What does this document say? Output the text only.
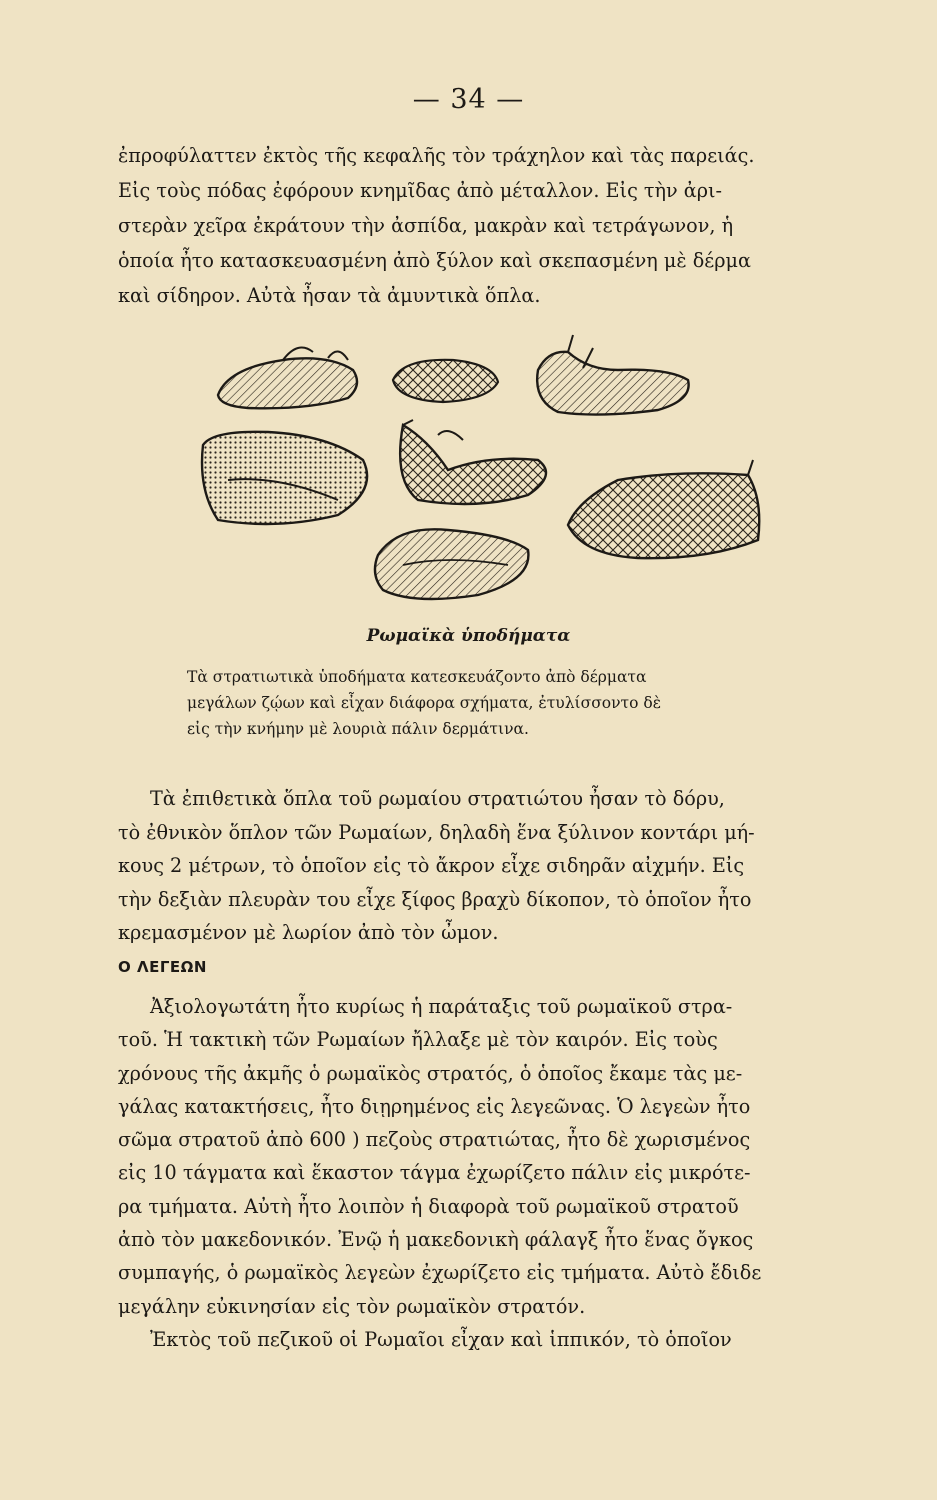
— 34 —
ἐπροφύλαττεν ἐκτὸς τῆς κεφαλῆς τὸν τράχηλον καὶ τὰς παρειάς.
Εἰς τοὺς πόδας ἐφόρουν κνημῖδας ἀπὸ μέταλλον. Εἰς τὴν ἀρι-
στερὰν χεῖρα ἐκράτουν τὴν ἀσπίδα, μακρὰν καὶ τετράγωνον, ἡ
ὁποία ἦτο κατασκευασμένη ἀπὸ ξύλον καὶ σκεπασμένη μὲ δέρμα
καὶ σίδηρον. Αὐτὰ ἦσαν τὰ ἀμυντικὰ ὅπλα.
Ρωμαϊκὰ ὑποδήματα
Τὰ στρατιωτικὰ ὑποδήματα κατεσκευάζοντο ἀπὸ δέρματα
μεγάλων ζῴων καὶ εἶχαν διάφορα σχήματα, ἐτυλίσσοντο δὲ
εἰς τὴν κνήμην μὲ λουριὰ πάλιν δερμάτινα.
Τὰ ἐπιθετικὰ ὅπλα τοῦ ρωμαίου στρατιώτου ἦσαν τὸ δόρυ,
τὸ ἐθνικὸν ὅπλον τῶν Ρωμαίων, δηλαδὴ ἕνα ξύλινον κοντάρι μή-
κους 2 μέτρων, τὸ ὁποῖον εἰς τὸ ἄκρον εἶχε σιδηρᾶν αἰχμήν. Εἰς
τὴν δεξιὰν πλευρὰν του εἶχε ξίφος βραχὺ δίκοπον, τὸ ὁποῖον ἦτο
κρεμασμένον μὲ λωρίον ἀπὸ τὸν ὦμον.
Ο ΛΕΓΕΩΝ
Ἀξιολογωτάτη ἦτο κυρίως ἡ παράταξις τοῦ ρωμαϊκοῦ στρα-
τοῦ. Ἡ τακτικὴ τῶν Ρωμαίων ἤλλαξε μὲ τὸν καιρόν. Εἰς τοὺς
χρόνους τῆς ἀκμῆς ὁ ρωμαϊκὸς στρατός, ὁ ὁποῖος ἔκαμε τὰς με-
γάλας κατακτήσεις, ἦτο διῃρημένος εἰς λεγεῶνας. Ὁ λεγεὼν ἦτο
σῶμα στρατοῦ ἀπὸ 600 ) πεζοὺς στρατιώτας, ἦτο δὲ χωρισμένος
εἰς 10 τάγματα καὶ ἕκαστον τάγμα ἐχωρίζετο πάλιν εἰς μικρότε-
ρα τμήματα. Αὐτὴ ἦτο λοιπὸν ἡ διαφορὰ τοῦ ρωμαϊκοῦ στρατοῦ
ἀπὸ τὸν μακεδονικόν. Ἐνῷ ἡ μακεδονικὴ φάλαγξ ἦτο ἕνας ὄγκος
συμπαγής, ὁ ρωμαϊκὸς λεγεὼν ἐχωρίζετο εἰς τμήματα. Αὐτὸ ἔδιδε
μεγάλην εὐκινησίαν εἰς τὸν ρωμαϊκὸν στρατόν.
Ἐκτὸς τοῦ πεζικοῦ οἱ Ρωμαῖοι εἶχαν καὶ ἱππικόν, τὸ ὁποῖον
